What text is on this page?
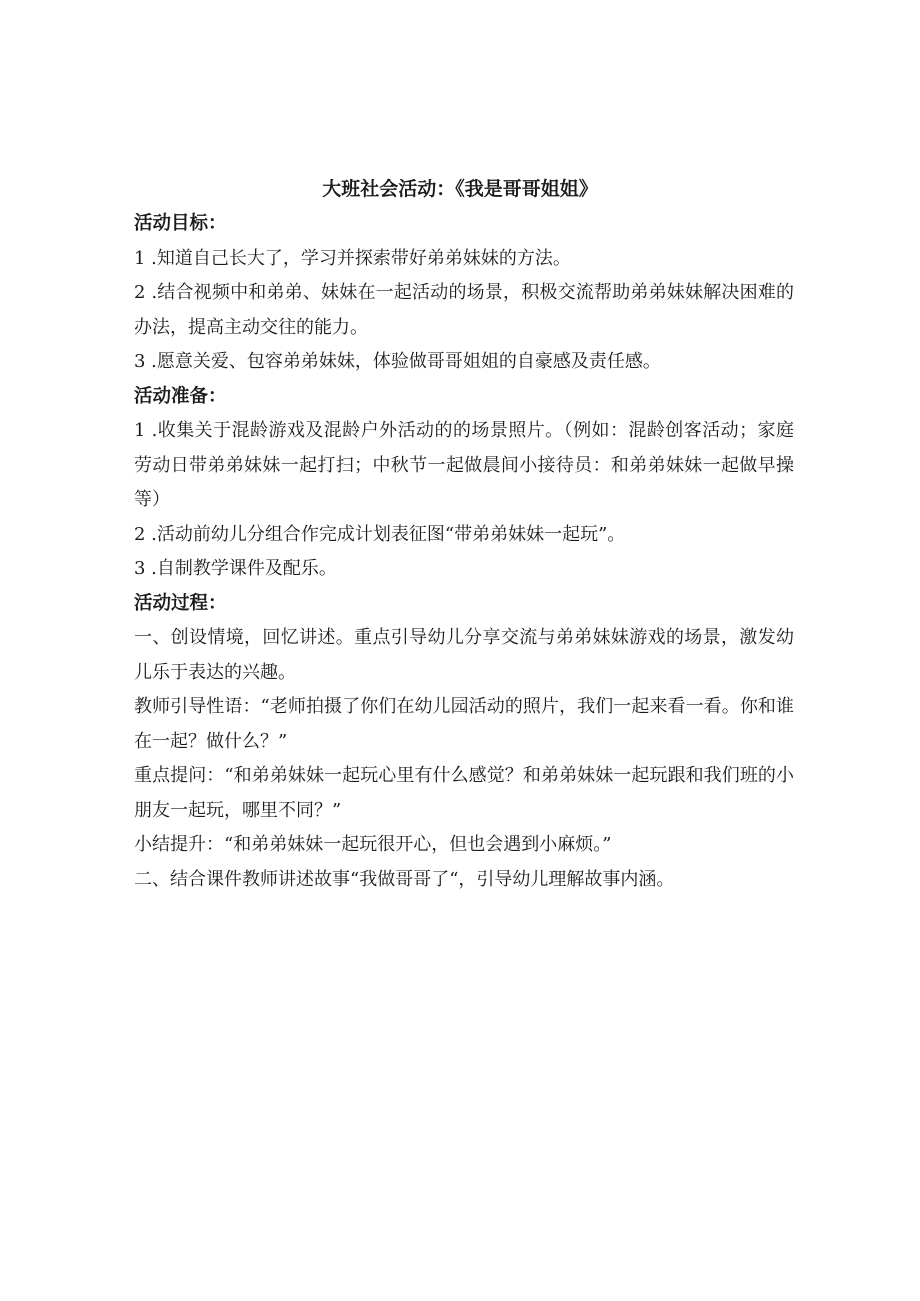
大班社会活动：《我是哥哥姐姐》

活动目标：

1 .知道自己长大了，学习并探索带好弟弟妹妹的方法。

2 .结合视频中和弟弟、妹妹在一起活动的场景，积极交流帮助弟弟妹妹解决困难的办法，提高主动交往的能力。

3 .愿意关爱、包容弟弟妹妹，体验做哥哥姐姐的自豪感及责任感。

活动准备：

1 .收集关于混龄游戏及混龄户外活动的的场景照片。（例如：混龄创客活动；家庭劳动日带弟弟妹妹一起打扫；中秋节一起做晨间小接待员：和弟弟妹妹一起做早操等）

2 .活动前幼儿分组合作完成计划表征图“带弟弟妹妹一起玩”。

3 .自制教学课件及配乐。

活动过程：

一、创设情境，回忆讲述。重点引导幼儿分享交流与弟弟妹妹游戏的场景，激发幼儿乐于表达的兴趣。

教师引导性语：“老师拍摄了你们在幼儿园活动的照片，我们一起来看一看。你和谁在一起？做什么？”

重点提问：“和弟弟妹妹一起玩心里有什么感觉？和弟弟妹妹一起玩跟和我们班的小朋友一起玩，哪里不同？”

小结提升：“和弟弟妹妹一起玩很开心，但也会遇到小麻烦。”

二、结合课件教师讲述故事“我做哥哥了“，引导幼儿理解故事内涵。
